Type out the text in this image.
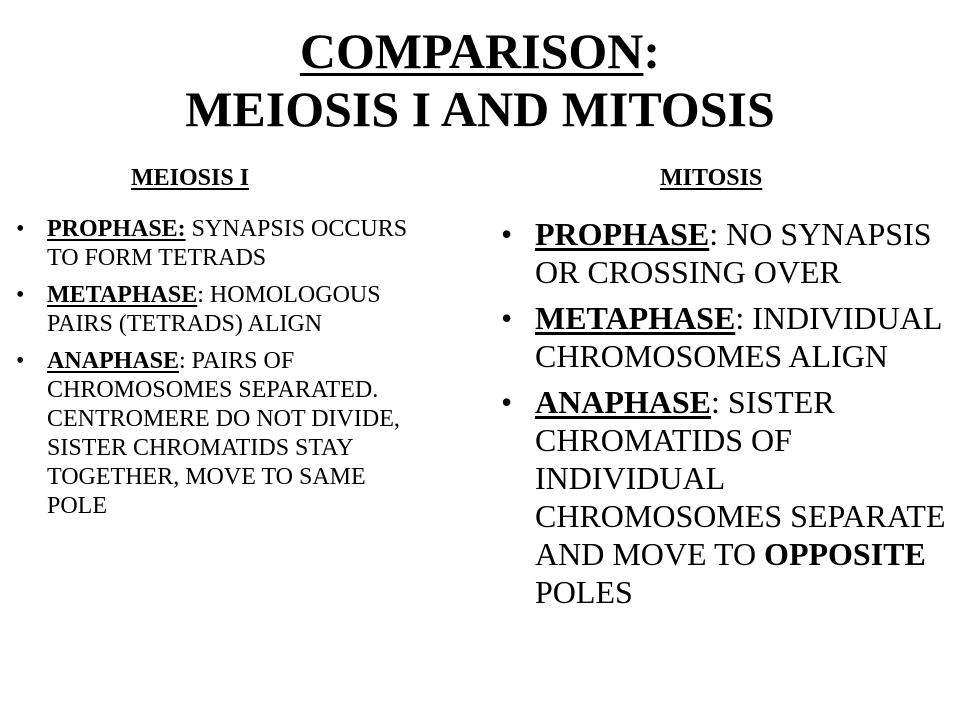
COMPARISON:
MEIOSIS I AND MITOSIS
MEIOSIS I	MITOSIS
• PROPHASE: SYNAPSIS OCCURS TO FORM TETRADS
• METAPHASE: HOMOLOGOUS PAIRS (TETRADS) ALIGN
• ANAPHASE: PAIRS OF CHROMOSOMES SEPARATED. CENTROMERE DO NOT DIVIDE, SISTER CHROMATIDS STAY TOGETHER, MOVE TO SAME POLE
• PROPHASE: NO SYNAPSIS OR CROSSING OVER
• METAPHASE: INDIVIDUAL CHROMOSOMES ALIGN
• ANAPHASE: SISTER CHROMATIDS OF INDIVIDUAL CHROMOSOMES SEPARATE AND MOVE TO OPPOSITE POLES
